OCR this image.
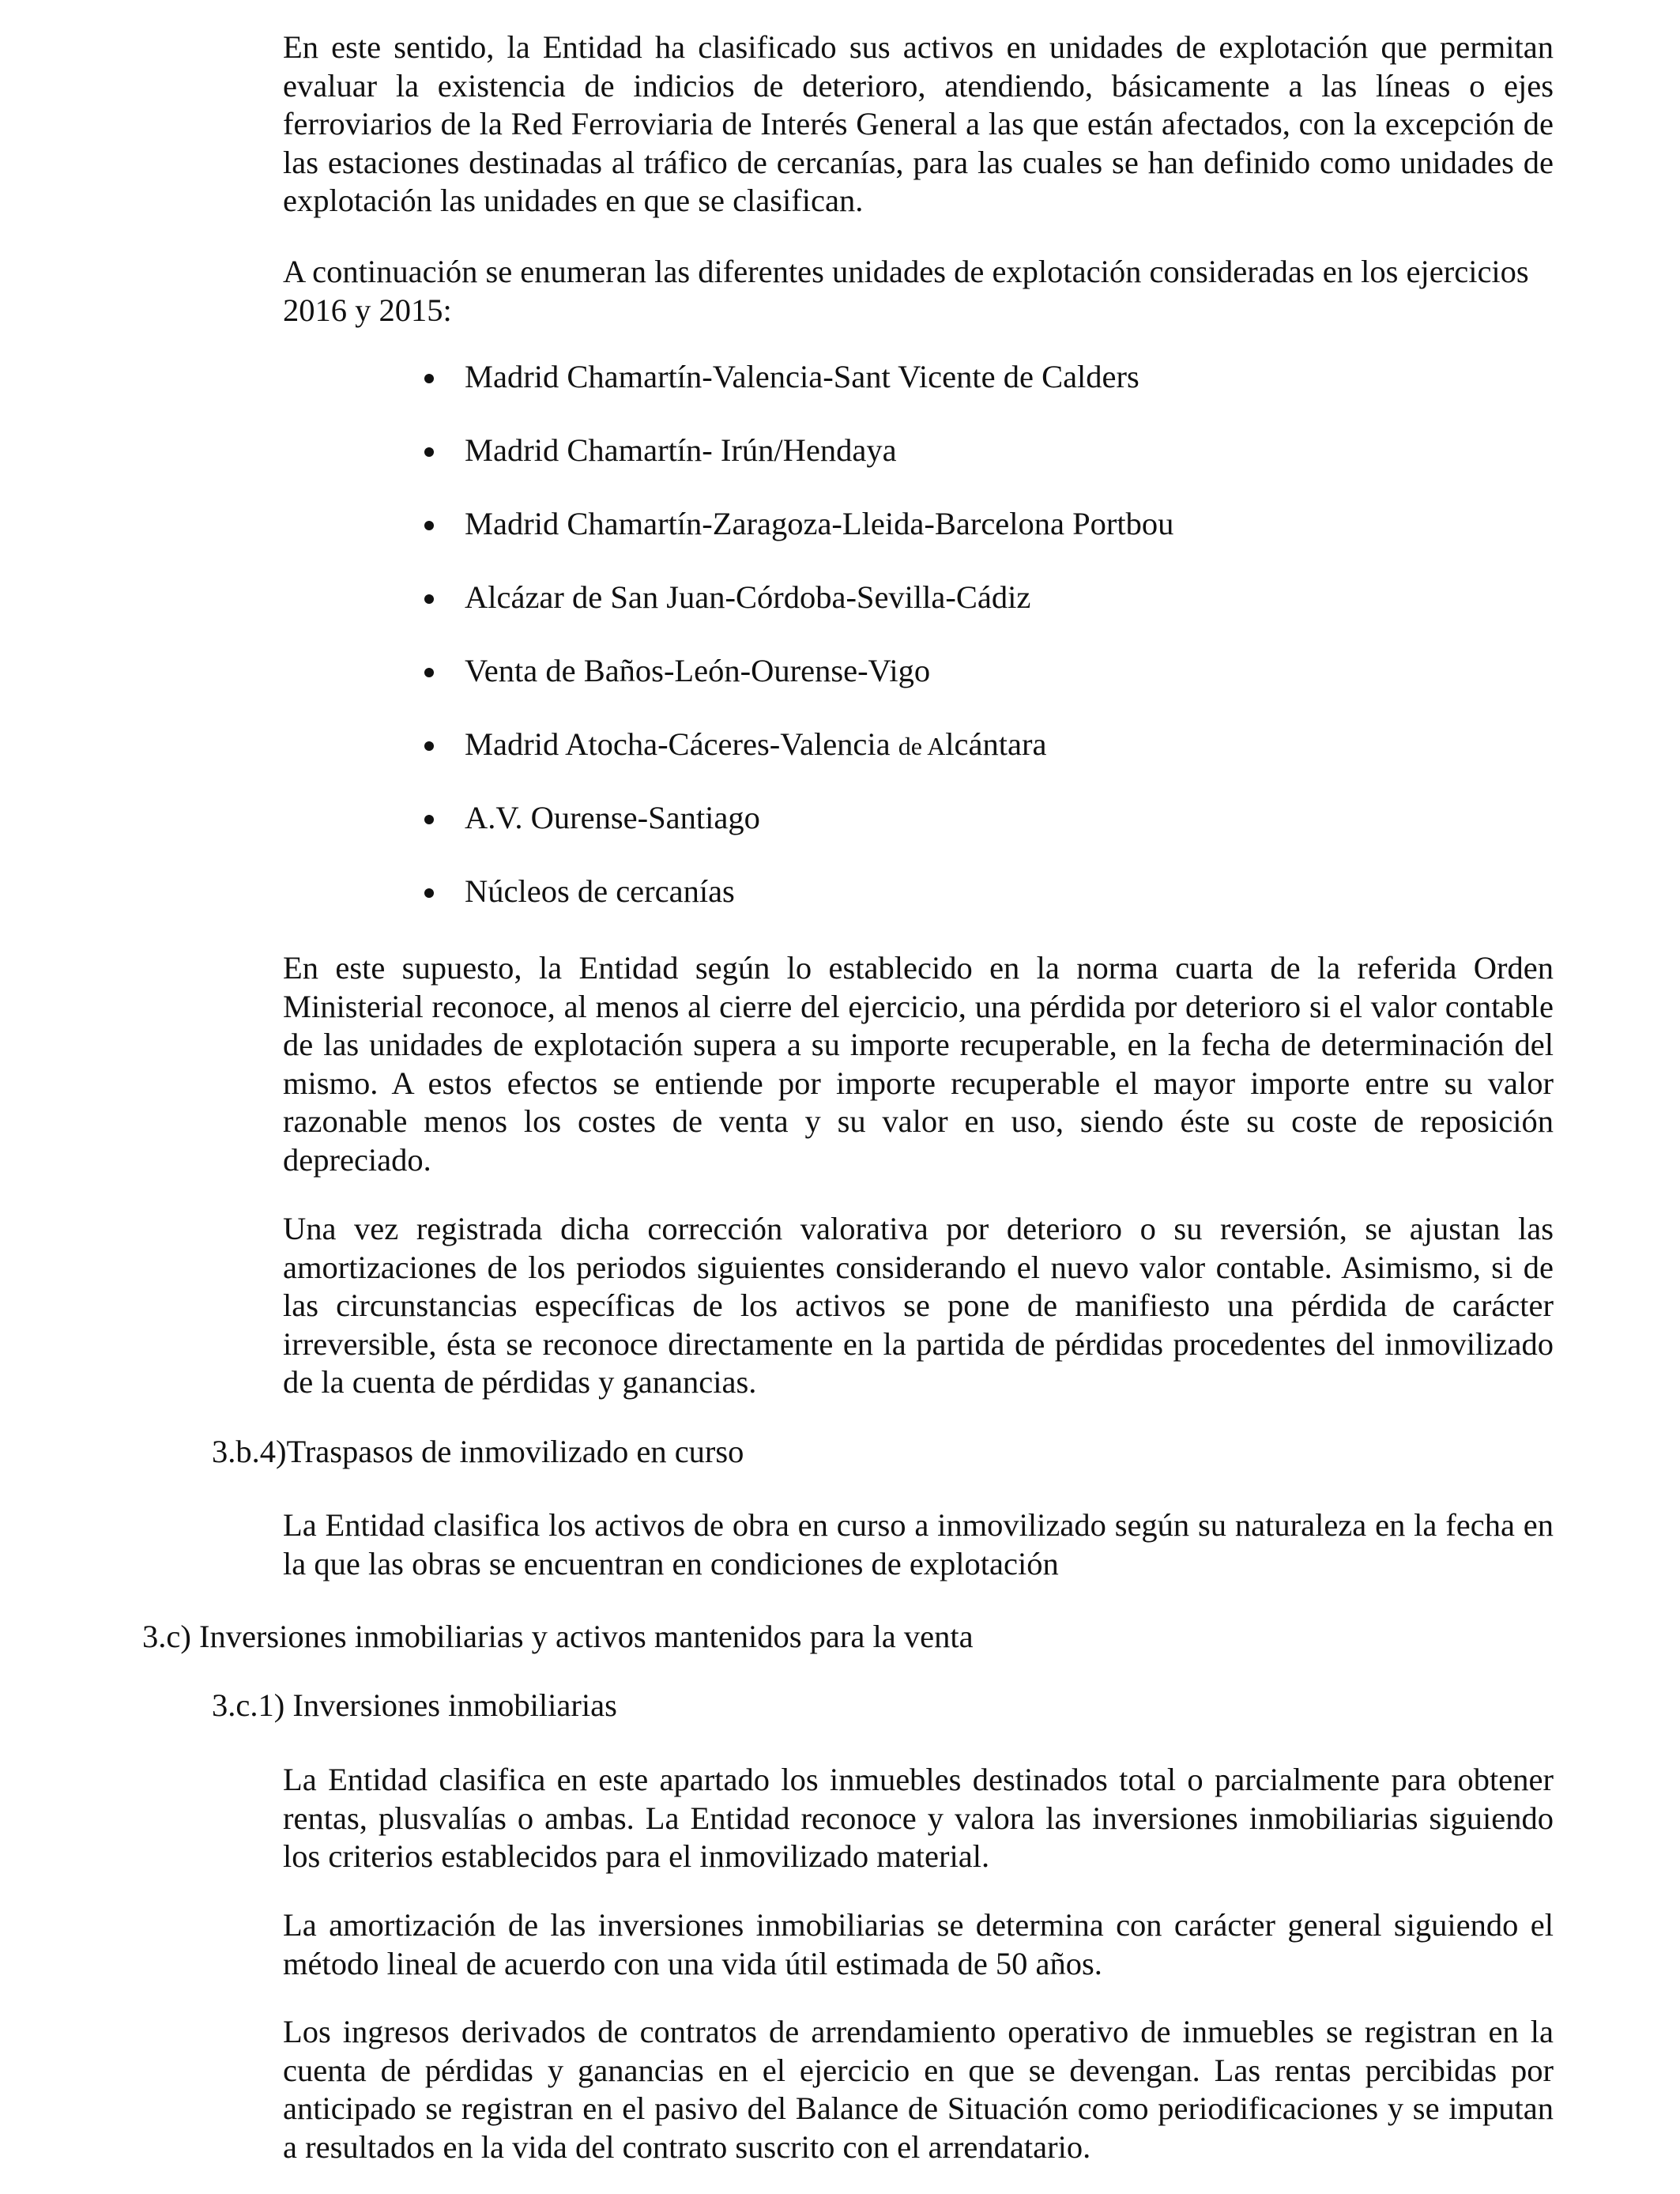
En este sentido, la Entidad ha clasificado sus activos en unidades de explotación que permitan evaluar la existencia de indicios de deterioro, atendiendo, básicamente a las líneas o ejes ferroviarios de la Red Ferroviaria de Interés General a las que están afectados, con la excepción de las estaciones destinadas al tráfico de cercanías, para las cuales se han definido como unidades de explotación las unidades en que se clasifican.

A continuación se enumeran las diferentes unidades de explotación consideradas en los ejercicios 2016 y 2015:

Madrid Chamartín-Valencia-Sant Vicente de Calders
Madrid Chamartín- Irún/Hendaya
Madrid Chamartín-Zaragoza-Lleida-Barcelona Portbou
Alcázar de San Juan-Córdoba-Sevilla-Cádiz
Venta de Baños-León-Ourense-Vigo
Madrid Atocha-Cáceres-Valencia de Alcántara
A.V. Ourense-Santiago
Núcleos de cercanías

En este supuesto, la Entidad según lo establecido en la norma cuarta de la referida Orden Ministerial reconoce, al menos al cierre del ejercicio, una pérdida por deterioro si el valor contable de las unidades de explotación supera a su importe recuperable, en la fecha de determinación del mismo. A estos efectos se entiende por importe recuperable el mayor importe entre su valor razonable menos los costes de venta y su valor en uso, siendo éste su coste de reposición depreciado.

Una vez registrada dicha corrección valorativa por deterioro o su reversión, se ajustan las amortizaciones de los periodos siguientes considerando el nuevo valor contable. Asimismo, si de las circunstancias específicas de los activos se pone de manifiesto una pérdida de carácter irreversible, ésta se reconoce directamente en la partida de pérdidas procedentes del inmovilizado de la cuenta de pérdidas y ganancias.

3.b.4)Traspasos de inmovilizado en curso

La Entidad clasifica los activos de obra en curso a inmovilizado según su naturaleza en la fecha en la que las obras se encuentran en condiciones de explotación

3.c) Inversiones inmobiliarias y activos mantenidos para la venta

3.c.1) Inversiones inmobiliarias

La Entidad clasifica en este apartado los inmuebles destinados total o parcialmente para obtener rentas, plusvalías o ambas. La Entidad reconoce y valora las inversiones inmobiliarias siguiendo los criterios establecidos para el inmovilizado material.

La amortización de las inversiones inmobiliarias se determina con carácter general siguiendo el método lineal de acuerdo con una vida útil estimada de 50 años.

Los ingresos derivados de contratos de arrendamiento operativo de inmuebles se registran en la cuenta de pérdidas y ganancias en el ejercicio en que se devengan. Las rentas percibidas por anticipado se registran en el pasivo del Balance de Situación como periodificaciones y se imputan a resultados en la vida del contrato suscrito con el arrendatario.
